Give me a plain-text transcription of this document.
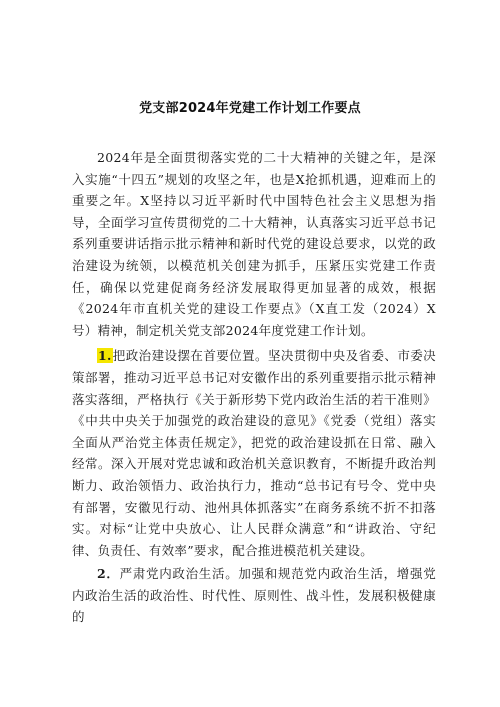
党支部2024年党建工作计划工作要点

2024年是全面贯彻落实党的二十大精神的关键之年，是深入实施“十四五”规划的攻坚之年，也是X抢抓机遇，迎难而上的重要之年。X坚持以习近平新时代中国特色社会主义思想为指导，全面学习宣传贯彻党的二十大精神，认真落实习近平总书记系列重要讲话指示批示精神和新时代党的建设总要求，以党的政治建设为统领，以模范机关创建为抓手，压紧压实党建工作责任，确保以党建促商务经济发展取得更加显著的成效，根据《2024年市直机关党的建设工作要点》（X直工发（2024）X号）精神，制定机关党支部2024年度党建工作计划。

1.把政治建设摆在首要位置。坚决贯彻中央及省委、市委决策部署，推动习近平总书记对安徽作出的系列重要指示批示精神落实落细，严格执行《关于新形势下党内政治生活的若干准则》《中共中央关于加强党的政治建设的意见》《党委（党组）落实全面从严治党主体责任规定》，把党的政治建设抓在日常、融入经常。深入开展对党忠诚和政治机关意识教育，不断提升政治判断力、政治领悟力、政治执行力，推动“总书记有号令、党中央有部署，安徽见行动、池州具体抓落实”在商务系统不折不扣落实。对标“让党中央放心、让人民群众满意”和“讲政治、守纪律、负责任、有效率”要求，配合推进模范机关建设。

2．严肃党内政治生活。加强和规范党内政治生活，增强党内政治生活的政治性、时代性、原则性、战斗性，发展积极健康的
